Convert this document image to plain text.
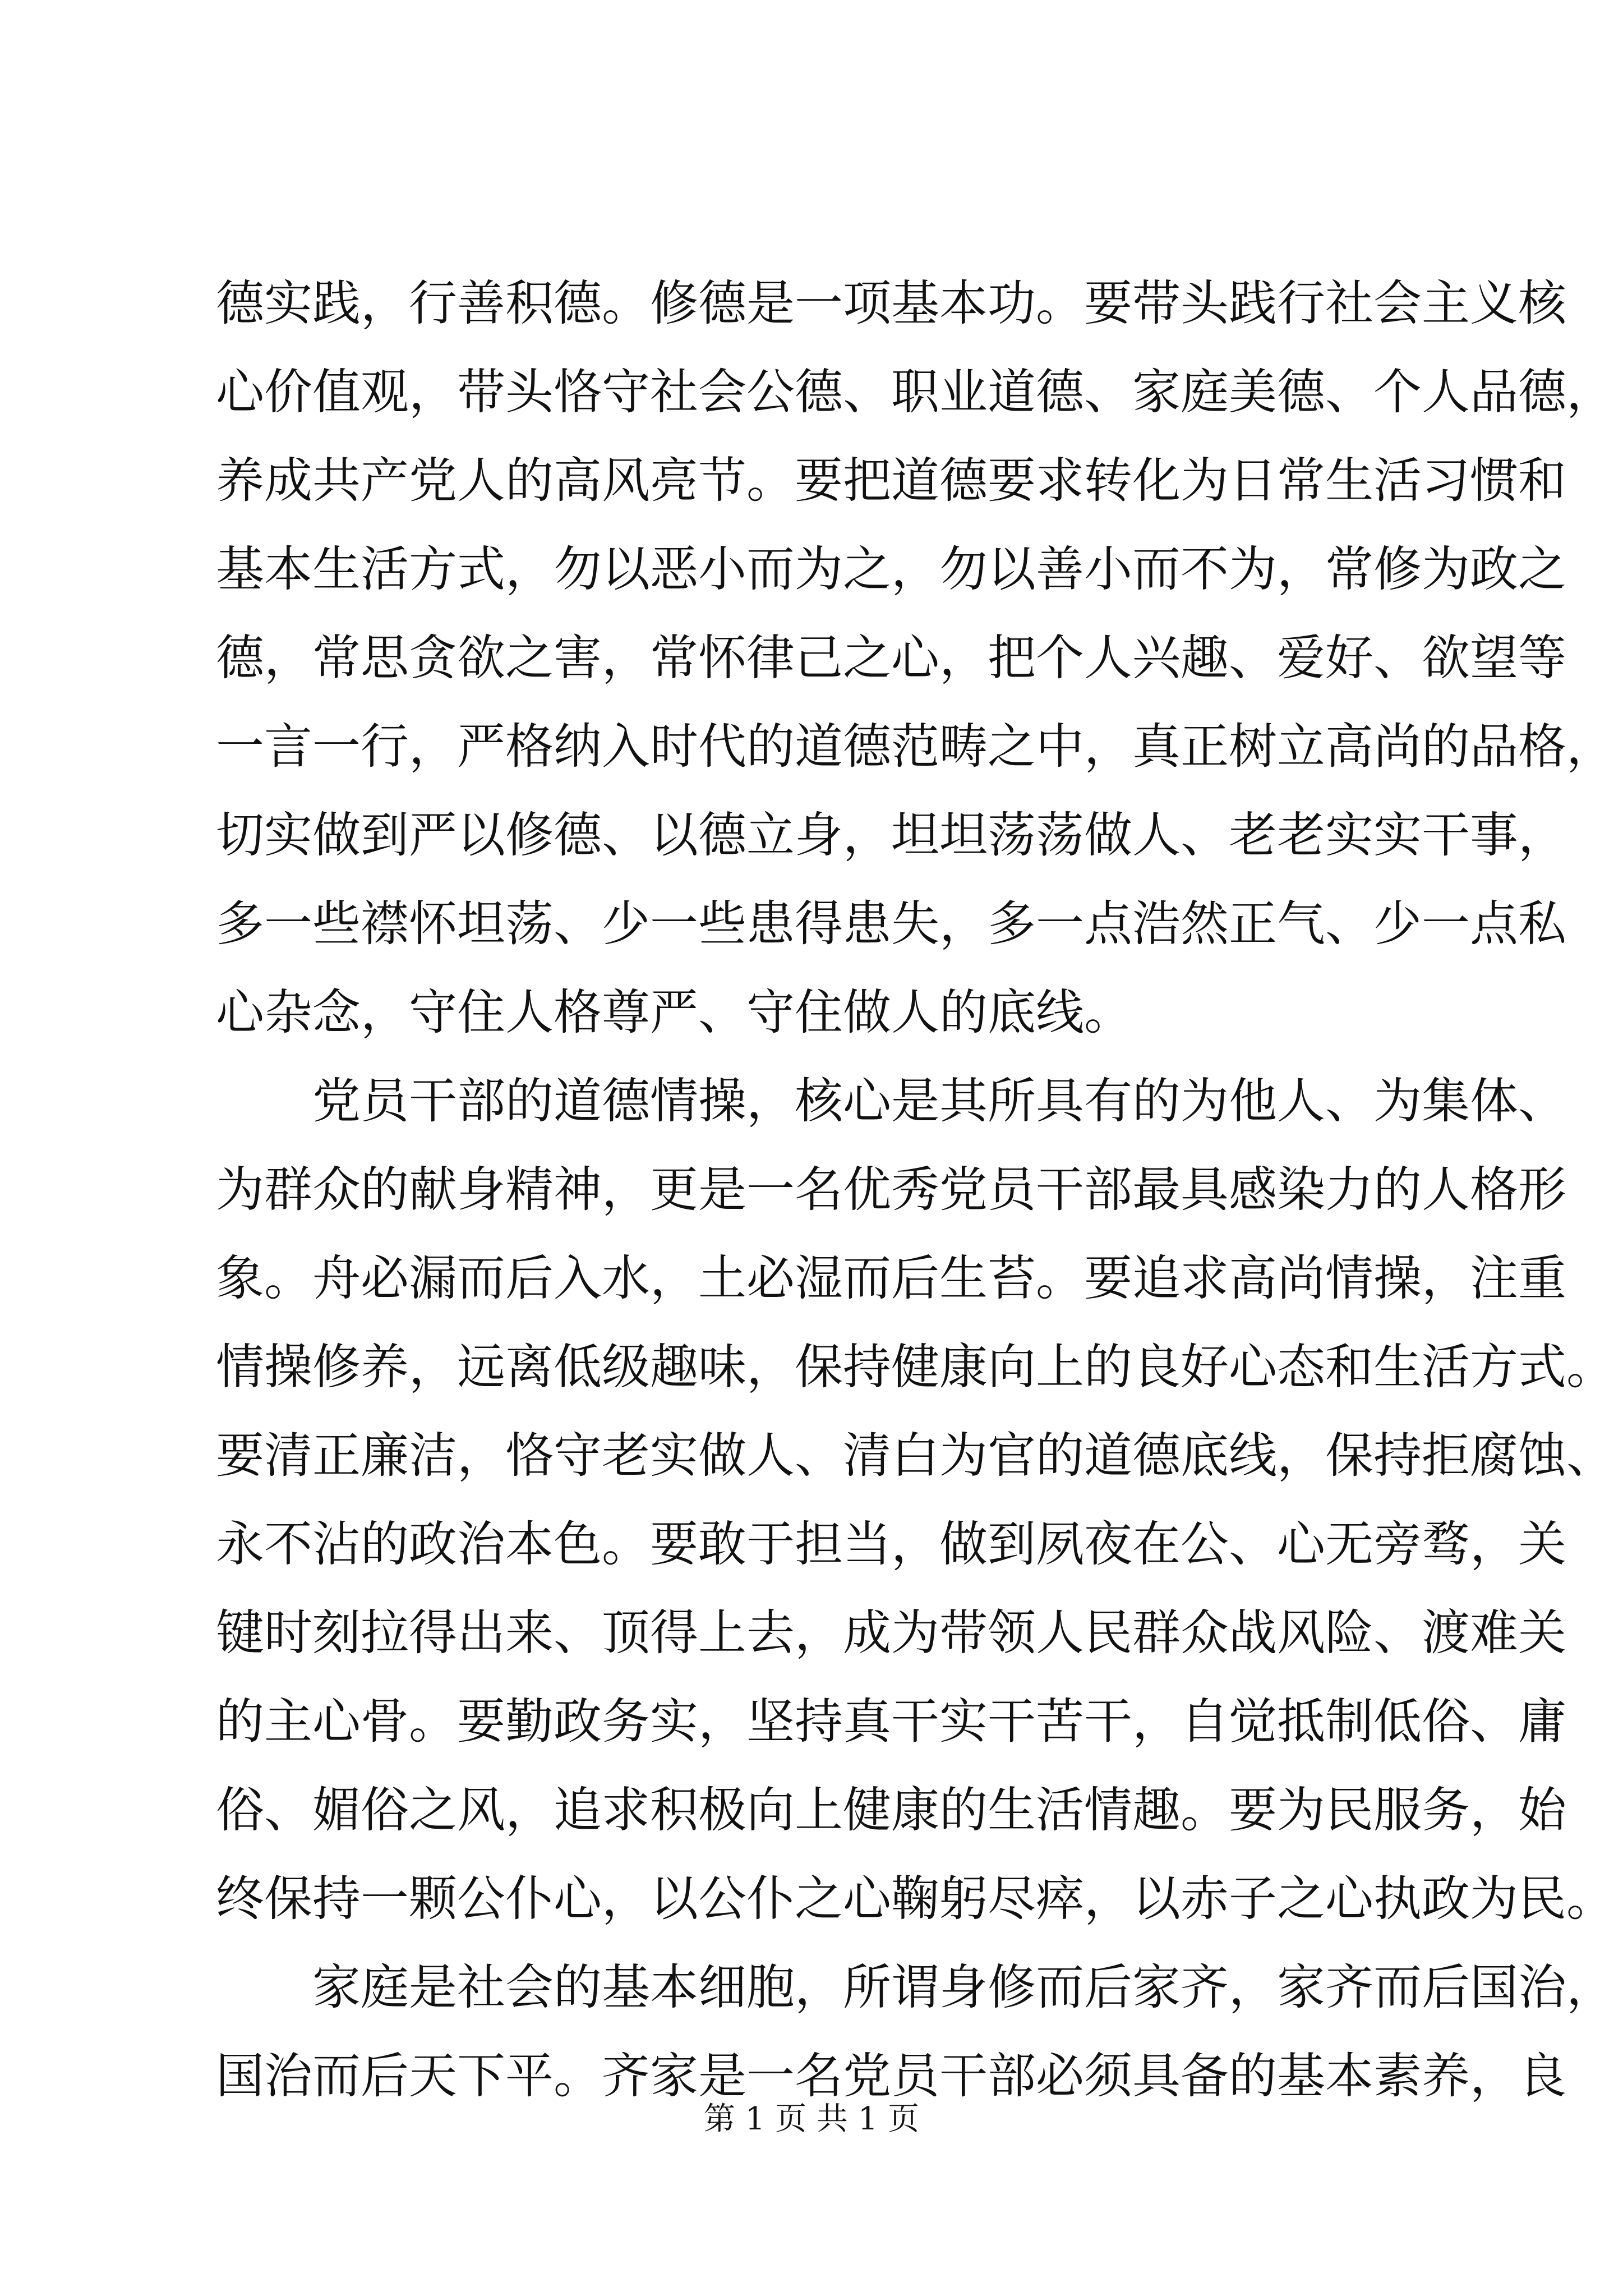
德实践，行善积德。修德是一项基本功。要带头践行社会主义核
心价值观，带头恪守社会公德、职业道德、家庭美德、个人品德，
养成共产党人的高风亮节。要把道德要求转化为日常生活习惯和
基本生活方式，勿以恶小而为之，勿以善小而不为，常修为政之
德，常思贪欲之害，常怀律己之心，把个人兴趣、爱好、欲望等
一言一行，严格纳入时代的道德范畴之中，真正树立高尚的品格，
切实做到严以修德、以德立身，坦坦荡荡做人、老老实实干事，
多一些襟怀坦荡、少一些患得患失，多一点浩然正气、少一点私
心杂念，守住人格尊严、守住做人的底线。
党员干部的道德情操，核心是其所具有的为他人、为集体、
为群众的献身精神，更是一名优秀党员干部最具感染力的人格形
象。舟必漏而后入水，土必湿而后生苔。要追求高尚情操，注重
情操修养，远离低级趣味，保持健康向上的良好心态和生活方式。
要清正廉洁，恪守老实做人、清白为官的道德底线，保持拒腐蚀、
永不沾的政治本色。要敢于担当，做到夙夜在公、心无旁骛，关
键时刻拉得出来、顶得上去，成为带领人民群众战风险、渡难关
的主心骨。要勤政务实，坚持真干实干苦干，自觉抵制低俗、庸
俗、媚俗之风，追求积极向上健康的生活情趣。要为民服务，始
终保持一颗公仆心，以公仆之心鞠躬尽瘁，以赤子之心执政为民。
家庭是社会的基本细胞，所谓身修而后家齐，家齐而后国治，
国治而后天下平。齐家是一名党员干部必须具备的基本素养，良
第 1 页 共 1 页
